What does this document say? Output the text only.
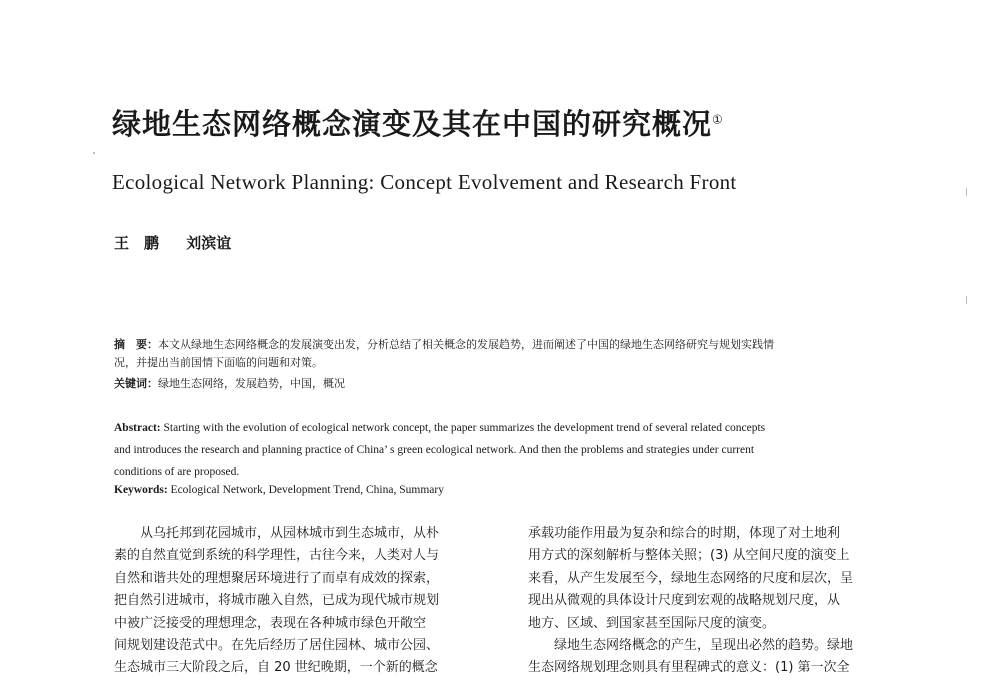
绿地生态网络概念演变及其在中国的研究概况①
Ecological Network Planning: Concept Evolvement and Research Front
王　鹏 刘滨谊
摘　要：本文从绿地生态网络概念的发展演变出发，分析总结了相关概念的发展趋势，进而阐述了中国的绿地生态网络研究与规划实践情
况，并提出当前国情下面临的问题和对策。
关键词：绿地生态网络，发展趋势，中国，概况
Abstract: Starting with the evolution of ecological network concept, the paper summarizes the development trend of several related concepts
and introduces the research and planning practice of China’ s green ecological network. And then the problems and strategies under current
conditions of are proposed.
Keywords: Ecological Network, Development Trend, China, Summary
从乌托邦到花园城市，从园林城市到生态城市，从朴
素的自然直觉到系统的科学理性，古往今来，人类对人与
自然和谐共处的理想聚居环境进行了而卓有成效的探索，
把自然引进城市，将城市融入自然，已成为现代城市规划
中被广泛接受的理想理念，表现在各种城市绿色开敞空
间规划建设范式中。在先后经历了居住园林、城市公园、
生态城市三大阶段之后，自 20 世纪晚期，一个新的概念
承载功能作用最为复杂和综合的时期，体现了对土地利
用方式的深刻解析与整体关照；(3) 从空间尺度的演变上
来看，从产生发展至今，绿地生态网络的尺度和层次，呈
现出从微观的具体设计尺度到宏观的战略规划尺度，从
地方、区域、到国家甚至国际尺度的演变。
绿地生态网络概念的产生，呈现出必然的趋势。绿地
生态网络规划理念则具有里程碑式的意义：(1) 第一次全
